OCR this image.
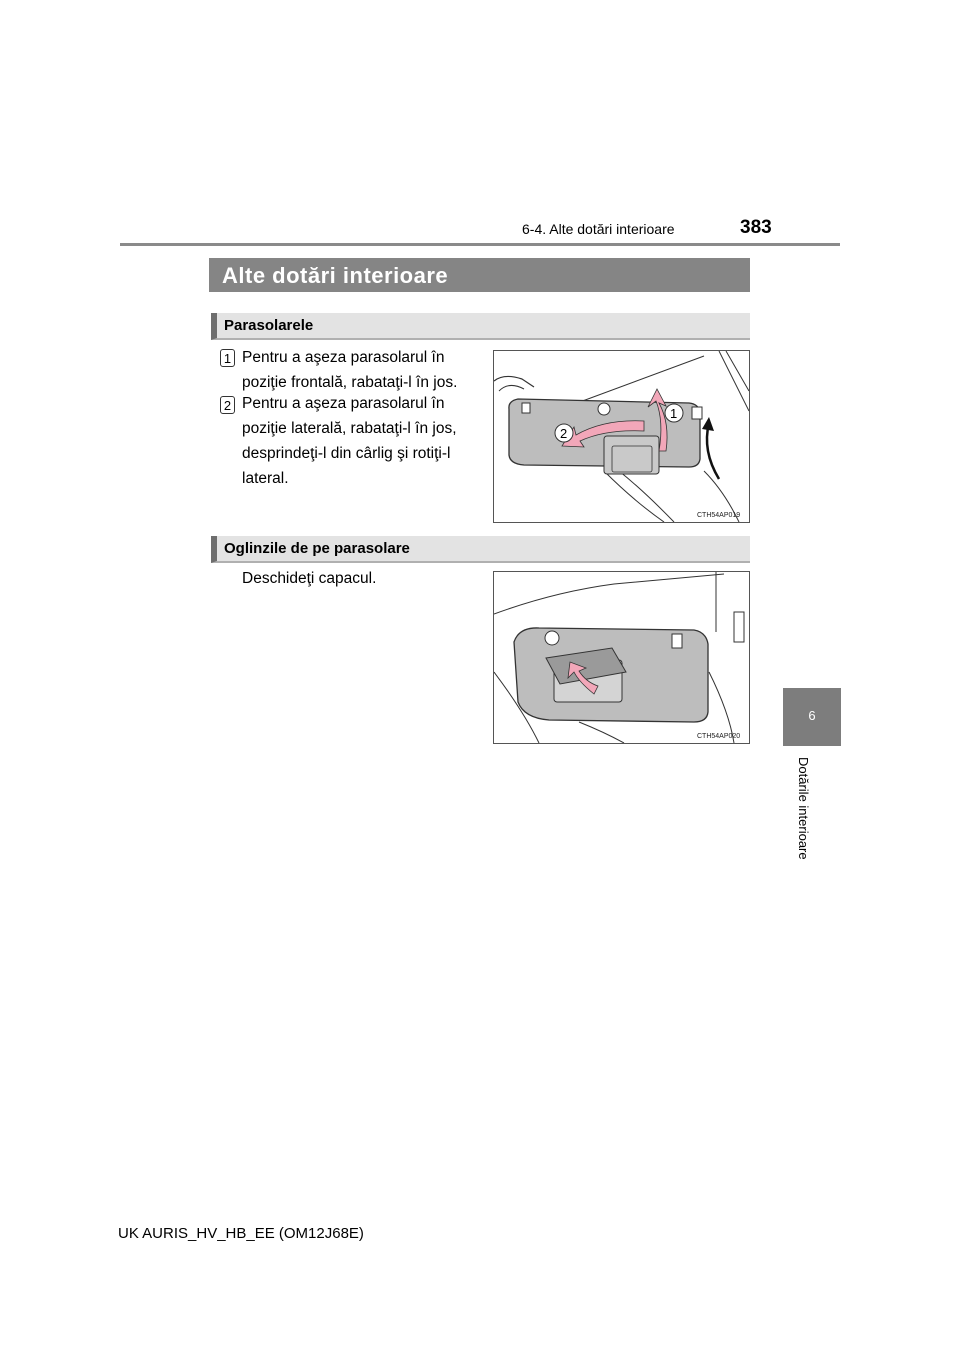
6-4. Alte dotări interioare	383
6
Dotările interioare
Alte dotări interioare
Parasolarele
1 Pentru a aşeza parasolarul în
poziţie frontală, rabataţi-l în jos.
2 Pentru a aşeza parasolarul în
poziţie laterală, rabataţi-l în jos,
desprindeţi-l din cârlig şi rotiţi-l
lateral.
1
2
CTH54AP019
Oglinzile de pe parasolare
Deschideţi capacul.
CTH54AP020
UK AURIS_HV_HB_EE (OM12J68E)
